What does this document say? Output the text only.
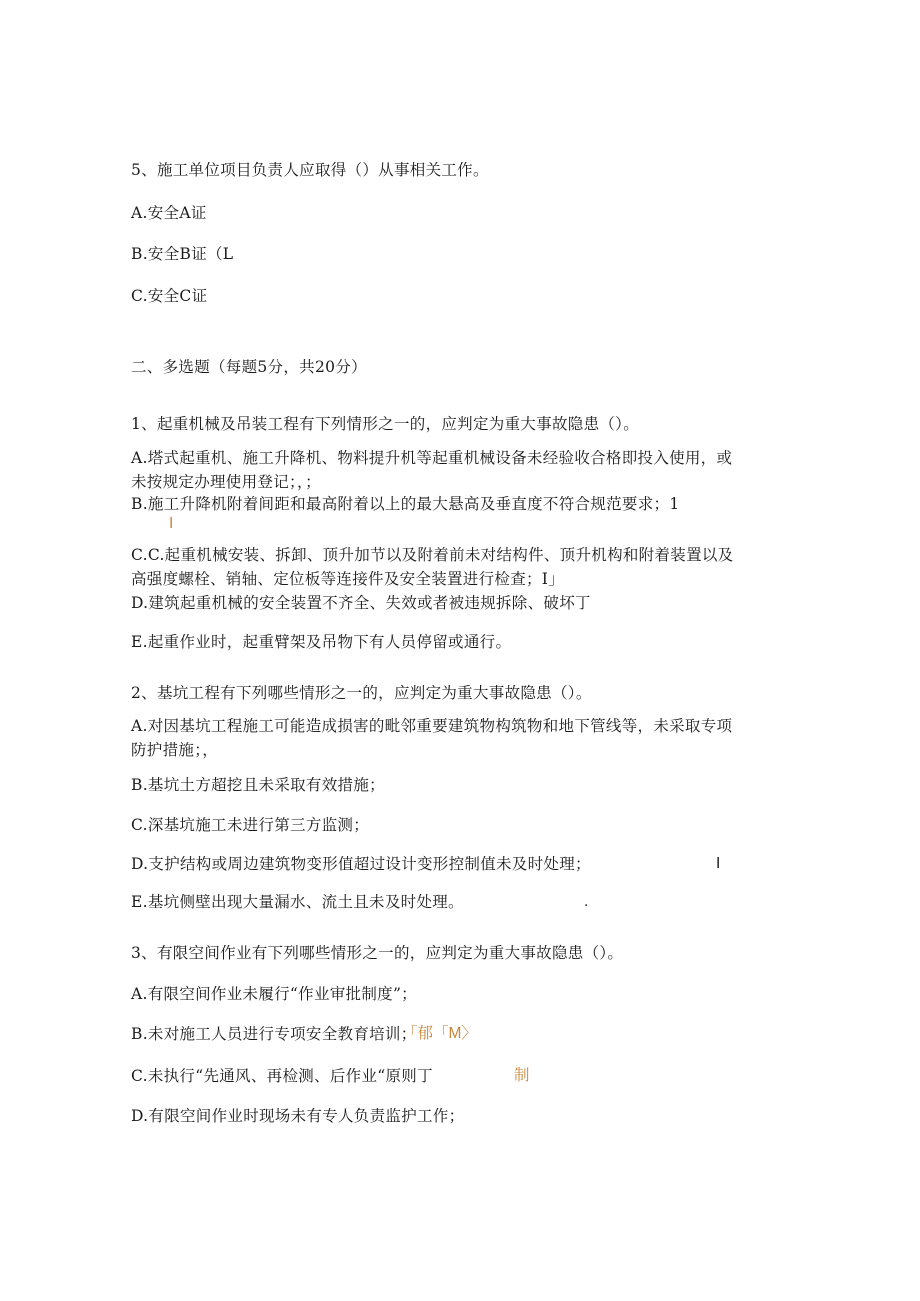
5、施工单位项目负责人应取得（）从事相关工作。
A.安全A证
B.安全B证（L
C.安全C证
二、多选题（每题5分，共20分）
1、起重机械及吊装工程有下列情形之一的，应判定为重大事故隐患（）。
A.塔式起重机、施工升降机、物料提升机等起重机械设备未经验收合格即投入使用，或
未按规定办理使用登记；，；
B.施工升降机附着间距和最高附着以上的最大悬高及垂直度不符合规范要求；1
I
C.C.起重机械安装、拆卸、顶升加节以及附着前未对结构件、顶升机构和附着装置以及
高强度螺栓、销轴、定位板等连接件及安全装置进行检查；I」
D.建筑起重机械的安全装置不齐全、失效或者被违规拆除、破坏丁
E.起重作业时，起重臂架及吊物下有人员停留或通行。
2、基坑工程有下列哪些情形之一的，应判定为重大事故隐患（）。
A.对因基坑工程施工可能造成损害的毗邻重要建筑物构筑物和地下管线等，未采取专项
防护措施；，
B.基坑土方超挖且未采取有效措施；
C.深基坑施工未进行第三方监测；
D.支护结构或周边建筑物变形值超过设计变形控制值未及时处理；	I
E.基坑侧壁出现大量漏水、流土且未及时处理。	.
3、有限空间作业有下列哪些情形之一的，应判定为重大事故隐患（）。
A.有限空间作业未履行“作业审批制度”；
B.未对施工人员进行专项安全教育培训；
「郁「M〉
C.未执行“先通风、再检测、后作业“原则丁	制
D.有限空间作业时现场未有专人负责监护工作；
